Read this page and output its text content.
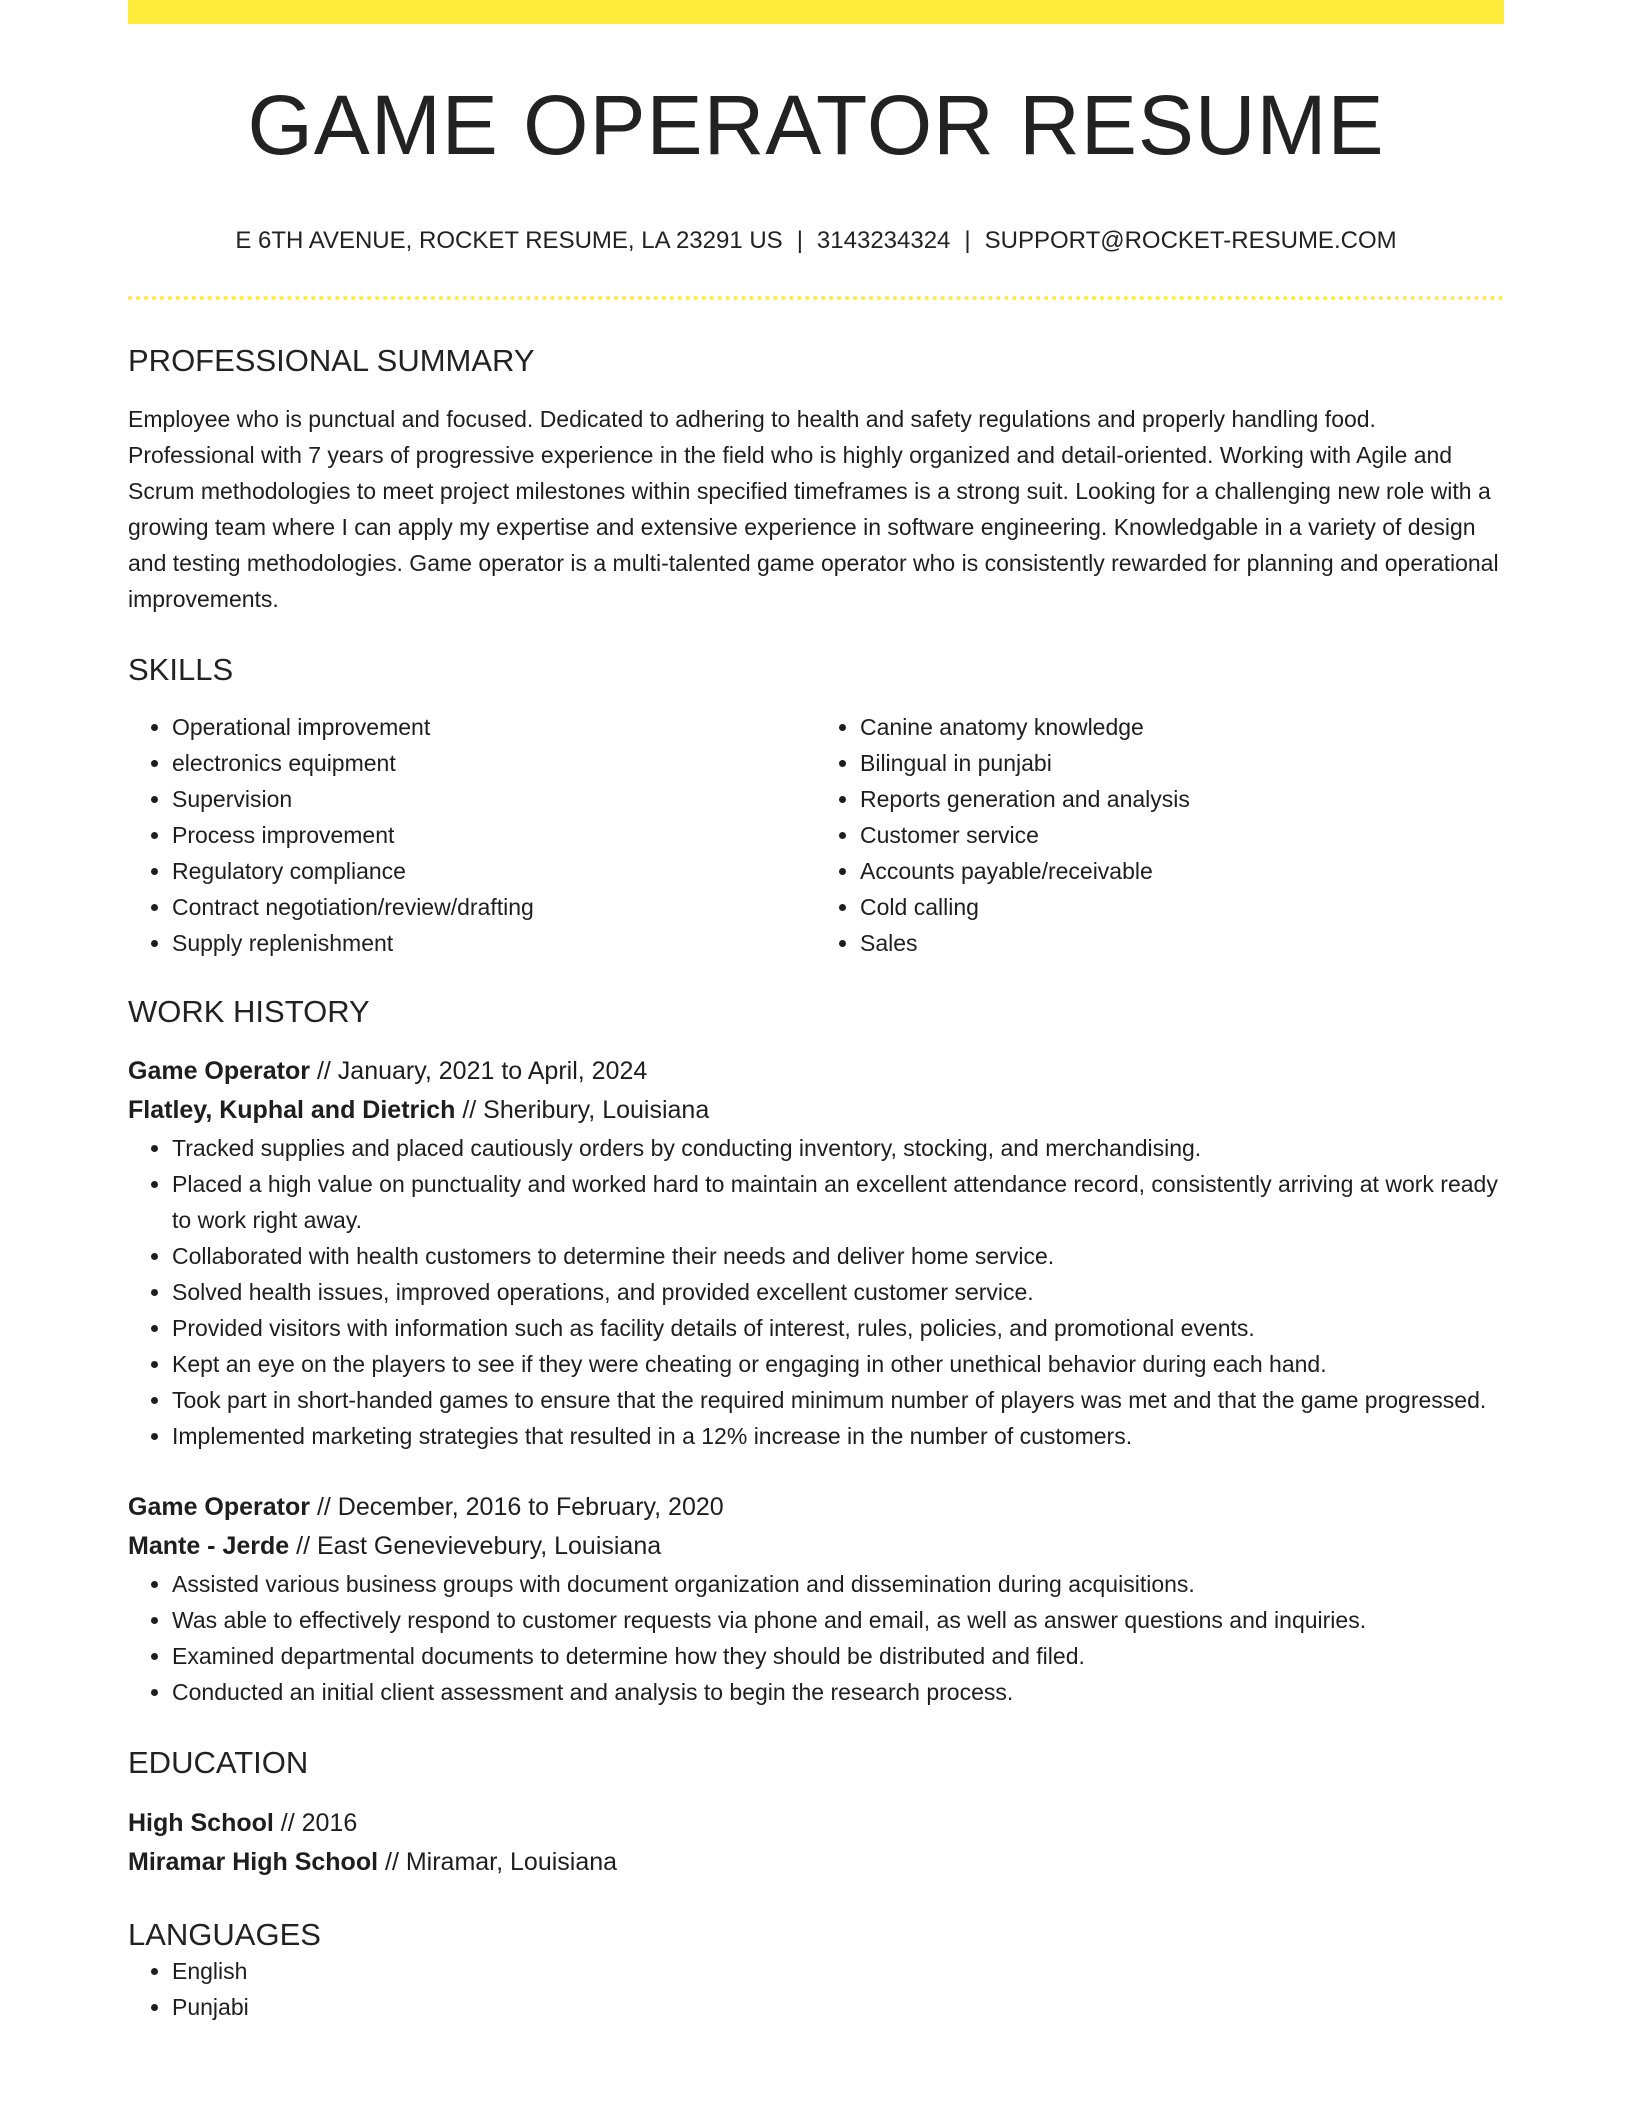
GAME OPERATOR RESUME
E 6TH AVENUE, ROCKET RESUME, LA 23291 US | 3143234324 | SUPPORT@ROCKET-RESUME.COM
PROFESSIONAL SUMMARY

Employee who is punctual and focused. Dedicated to adhering to health and safety regulations and properly handling food. Professional with 7 years of progressive experience in the field who is highly organized and detail-oriented. Working with Agile and Scrum methodologies to meet project milestones within specified timeframes is a strong suit. Looking for a challenging new role with a growing team where I can apply my expertise and extensive experience in software engineering. Knowledgable in a variety of design and testing methodologies. Game operator is a multi-talented game operator who is consistently rewarded for planning and operational improvements.

SKILLS
• Operational improvement
• electronics equipment
• Supervision
• Process improvement
• Regulatory compliance
• Contract negotiation/review/drafting
• Supply replenishment
• Canine anatomy knowledge
• Bilingual in punjabi
• Reports generation and analysis
• Customer service
• Accounts payable/receivable
• Cold calling
• Sales
WORK HISTORY
Game Operator // January, 2021 to April, 2024
Flatley, Kuphal and Dietrich // Sheribury, Louisiana
• Tracked supplies and placed cautiously orders by conducting inventory, stocking, and merchandising.
• Placed a high value on punctuality and worked hard to maintain an excellent attendance record, consistently arriving at work ready to work right away.
• Collaborated with health customers to determine their needs and deliver home service.
• Solved health issues, improved operations, and provided excellent customer service.
• Provided visitors with information such as facility details of interest, rules, policies, and promotional events.
• Kept an eye on the players to see if they were cheating or engaging in other unethical behavior during each hand.
• Took part in short-handed games to ensure that the required minimum number of players was met and that the game progressed.
• Implemented marketing strategies that resulted in a 12% increase in the number of customers.
Game Operator // December, 2016 to February, 2020
Mante - Jerde // East Genevievebury, Louisiana
• Assisted various business groups with document organization and dissemination during acquisitions.
• Was able to effectively respond to customer requests via phone and email, as well as answer questions and inquiries.
• Examined departmental documents to determine how they should be distributed and filed.
• Conducted an initial client assessment and analysis to begin the research process.
EDUCATION
High School // 2016
Miramar High School // Miramar, Louisiana
LANGUAGES
• English
• Punjabi
